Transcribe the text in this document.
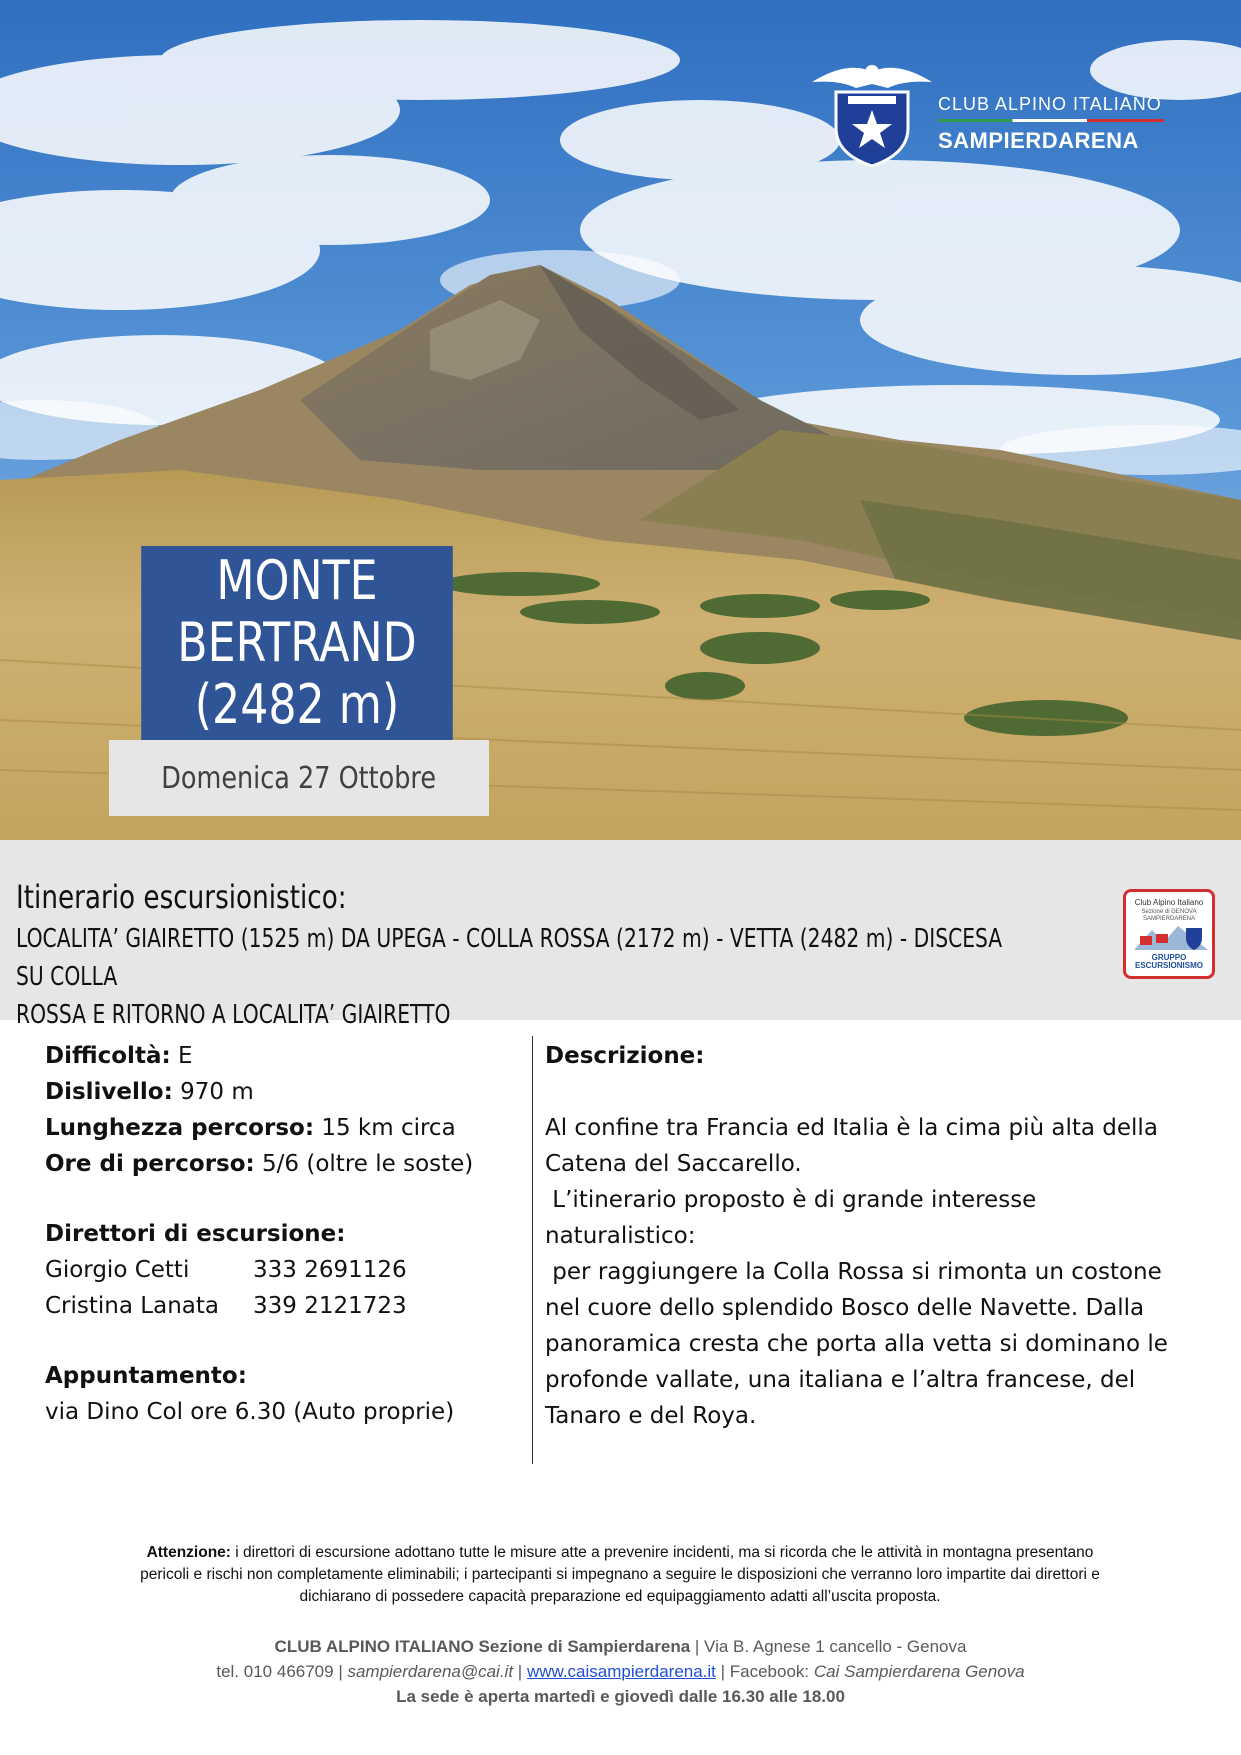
CLUB ALPINO ITALIANO
SAMPIERDARENA
MONTE BERTRAND
(2482 m)
Domenica 27 Ottobre
Itinerario escursionistico:
LOCALITA’ GIAIRETTO (1525 m) DA UPEGA - COLLA ROSSA (2172 m) - VETTA (2482 m) - DISCESA SU COLLA
ROSSA E RITORNO A LOCALITA’ GIAIRETTO
Club Alpino Italiano
Sezione di GENOVA SAMPIERDARENA
GRUPPO
ESCURSIONISMO
Difficoltà: E
Dislivello: 970 m
Lunghezza percorso: 15 km circa
Ore di percorso: 5/6 (oltre le soste)
Direttori di escursione:
Giorgio Cetti	333 2691126
Cristina Lanata	339 2121723
Appuntamento:
via Dino Col ore 6.30 (Auto proprie)

Descrizione:

Al confine tra Francia ed Italia è la cima più alta della

Catena del Saccarello.

L’itinerario proposto è di grande interesse

naturalistico:

per raggiungere la Colla Rossa si rimonta un costone

nel cuore dello splendido Bosco delle Navette. Dalla

panoramica cresta che porta alla vetta si dominano le

profonde vallate, una italiana e l’altra francese, del

Tanaro e del Roya.

Attenzione: i direttori di escursione adottano tutte le misure atte a prevenire incidenti, ma si ricorda che le attività in montagna presentano
pericoli e rischi non completamente eliminabili; i partecipanti si impegnano a seguire le disposizioni che verranno loro impartite dai direttori e
dichiarano di possedere capacità preparazione ed equipaggiamento adatti all’uscita proposta.
CLUB ALPINO ITALIANO Sezione di Sampierdarena | Via B. Agnese 1 cancello - Genova
tel. 010 466709 | sampierdarena@cai.it | www.caisampierdarena.it | Facebook: Cai Sampierdarena Genova
La sede è aperta martedì e giovedì dalle 16.30 alle 18.00
